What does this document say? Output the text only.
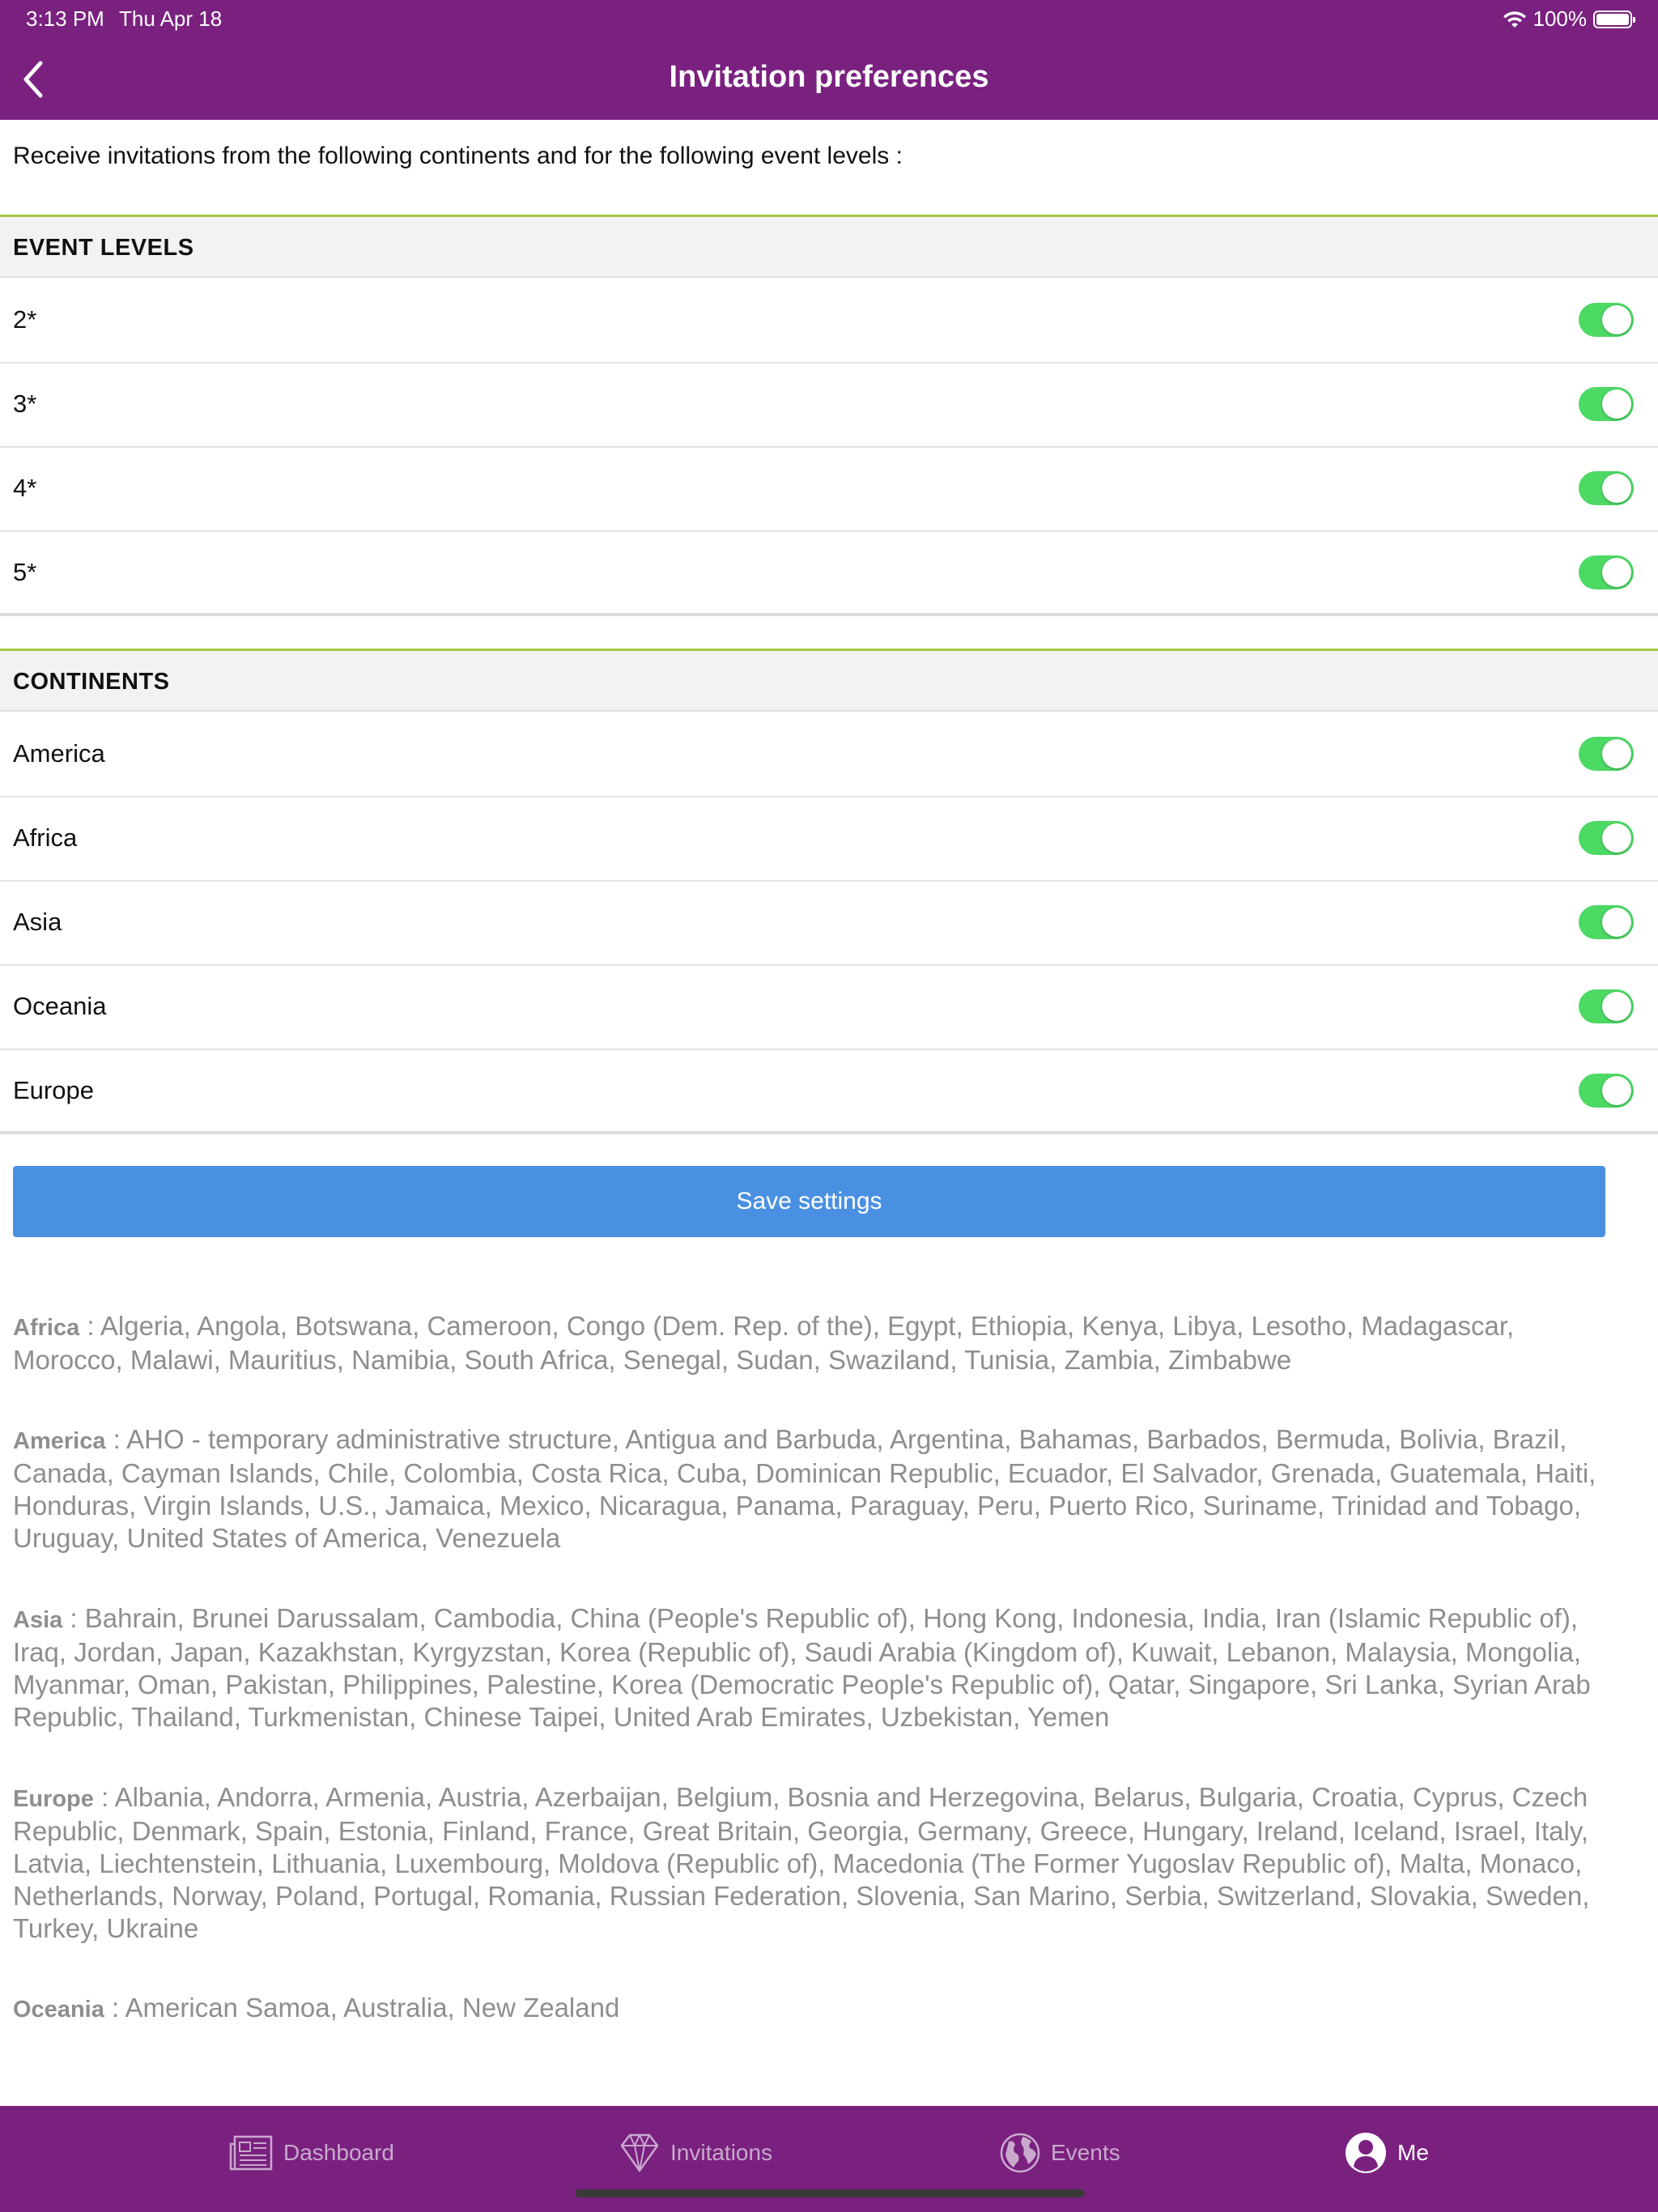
3:13 PM Thu Apr 18	100%
Invitation preferences
Receive invitations from the following continents and for the following event levels :
EVENT LEVELS
2*
3*
4*
5*
CONTINENTS
America
Africa
Asia
Oceania
Europe
Save settings
Africa : Algeria, Angola, Botswana, Cameroon, Congo (Dem. Rep. of the), Egypt, Ethiopia, Kenya, Libya, Lesotho, Madagascar, Morocco, Malawi, Mauritius, Namibia, South Africa, Senegal, Sudan, Swaziland, Tunisia, Zambia, Zimbabwe
America : AHO - temporary administrative structure, Antigua and Barbuda, Argentina, Bahamas, Barbados, Bermuda, Bolivia, Brazil, Canada, Cayman Islands, Chile, Colombia, Costa Rica, Cuba, Dominican Republic, Ecuador, El Salvador, Grenada, Guatemala, Haiti, Honduras, Virgin Islands, U.S., Jamaica, Mexico, Nicaragua, Panama, Paraguay, Peru, Puerto Rico, Suriname, Trinidad and Tobago, Uruguay, United States of America, Venezuela
Asia : Bahrain, Brunei Darussalam, Cambodia, China (People's Republic of), Hong Kong, Indonesia, India, Iran (Islamic Republic of), Iraq, Jordan, Japan, Kazakhstan, Kyrgyzstan, Korea (Republic of), Saudi Arabia (Kingdom of), Kuwait, Lebanon, Malaysia, Mongolia, Myanmar, Oman, Pakistan, Philippines, Palestine, Korea (Democratic People's Republic of), Qatar, Singapore, Sri Lanka, Syrian Arab Republic, Thailand, Turkmenistan, Chinese Taipei, United Arab Emirates, Uzbekistan, Yemen
Europe : Albania, Andorra, Armenia, Austria, Azerbaijan, Belgium, Bosnia and Herzegovina, Belarus, Bulgaria, Croatia, Cyprus, Czech Republic, Denmark, Spain, Estonia, Finland, France, Great Britain, Georgia, Germany, Greece, Hungary, Ireland, Iceland, Israel, Italy, Latvia, Liechtenstein, Lithuania, Luxembourg, Moldova (Republic of), Macedonia (The Former Yugoslav Republic of), Malta, Monaco, Netherlands, Norway, Poland, Portugal, Romania, Russian Federation, Slovenia, San Marino, Serbia, Switzerland, Slovakia, Sweden, Turkey, Ukraine
Oceania : American Samoa, Australia, New Zealand
Dashboard	Invitations	Events	Me
